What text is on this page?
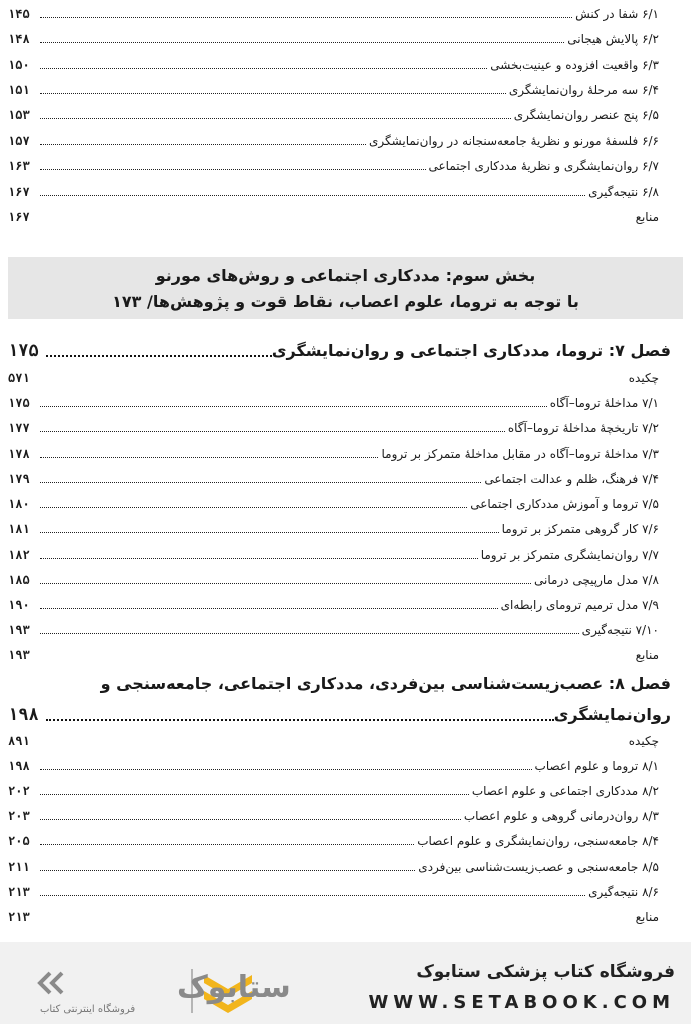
۶/۱ شفا در کنش
۱۴۵
۶/۲ پالایش هیجانی
۱۴۸
۶/۳ واقعیت افزوده و عینیت‌بخشی
۱۵۰
۶/۴ سه مرحلهٔ روان‌نمایشگری
۱۵۱
۶/۵ پنج عنصر روان‌نمایشگری
۱۵۳
۶/۶ فلسفهٔ مورنو و نظریهٔ جامعه‌سنجانه در روان‌نمایشگری
۱۵۷
۶/۷ روان‌نمایشگری و نظریهٔ مددکاری اجتماعی
۱۶۳
۶/۸ نتیجه‌گیری
۱۶۷
منابع
۱۶۷
بخش سوم: مددکاری اجتماعی و روش‌های مورنو
با توجه به تروما، علوم اعصاب، نقاط قوت و پژوهش‌ها/ ۱۷۳
فصل ۷: تروما، مددکاری اجتماعی و روان‌نمایشگری
۱۷۵
چکیده
۵۷۱
۷/۱ مداخلهٔ تروما–آگاه
۱۷۵
۷/۲ تاریخچهٔ مداخلهٔ تروما–آگاه
۱۷۷
۷/۳ مداخلهٔ تروما–آگاه در مقابل مداخلهٔ متمرکز بر تروما
۱۷۸
۷/۴ فرهنگ، ظلم و عدالت اجتماعی
۱۷۹
۷/۵ تروما و آموزش مددکاری اجتماعی
۱۸۰
۷/۶ کار گروهی متمرکز بر تروما
۱۸۱
۷/۷ روان‌نمایشگری متمرکز بر تروما
۱۸۲
۷/۸ مدل مارپیچی درمانی
۱۸۵
۷/۹ مدل ترمیم ترومای رابطه‌ای
۱۹۰
۷/۱۰ نتیجه‌گیری
۱۹۳
منابع
۱۹۳
فصل ۸: عصب‌زیست‌شناسی بین‌فردی، مددکاری اجتماعی، جامعه‌سنجی و
روان‌نمایشگری
۱۹۸
چکیده
۸۹۱
۸/۱ تروما و علوم اعصاب
۱۹۸
۸/۲ مددکاری اجتماعی و علوم اعصاب
۲۰۲
۸/۳ روان‌درمانی گروهی و علوم اعصاب
۲۰۳
۸/۴ جامعه‌سنجی، روان‌نمایشگری و علوم اعصاب
۲۰۵
۸/۵ جامعه‌سنجی و عصب‌زیست‌شناسی بین‌فردی
۲۱۱
۸/۶ نتیجه‌گیری
۲۱۳
منابع
۲۱۳
ستابوک
فروشگاه اینترنتی کتاب
فروشگاه کتاب پزشکی ستابوک
WWW.SETABOOK.COM
